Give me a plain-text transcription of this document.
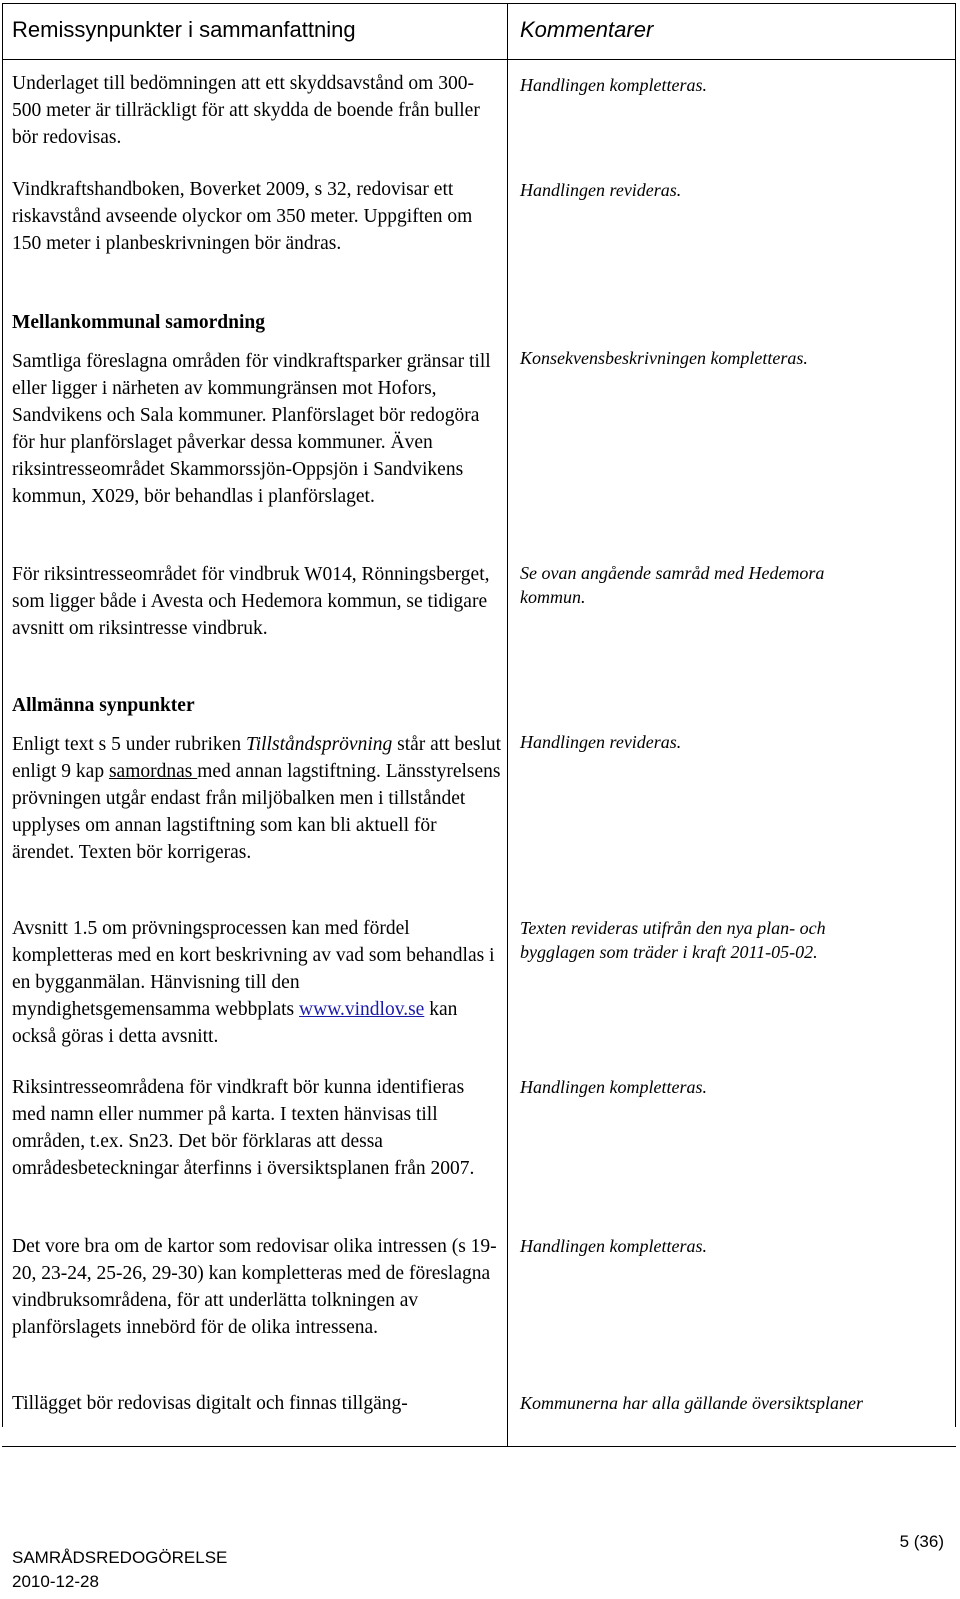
Remissynpunkter i sammanfattning	Kommentarer
Underlaget till bedömningen att ett skyddsavstånd om 300-500 meter är tillräckligt för att skydda de boende från buller bör redovisas.
Handlingen kompletteras.
Vindkraftshandboken, Boverket 2009, s 32, redovisar ett riskavstånd avseende olyckor om 350 meter. Uppgiften om 150 meter i planbeskrivningen bör ändras.
Handlingen revideras.
Mellankommunal samordning
Samtliga föreslagna områden för vindkraftsparker gränsar till eller ligger i närheten av kommungränsen mot Hofors, Sandvikens och Sala kommuner. Planförslaget bör redogöra för hur planförslaget påverkar dessa kommuner. Även riksintresseområdet Skammorssjön-Oppsjön i Sandvikens kommun, X029, bör behandlas i planförslaget.
Konsekvensbeskrivningen kompletteras.
För riksintresseområdet för vindbruk W014, Rönningsberget, som ligger både i Avesta och Hedemora kommun, se tidigare avsnitt om riksintresse vindbruk.
Se ovan angående samråd med Hedemora kommun.
Allmänna synpunkter
Enligt text s 5 under rubriken Tillståndsprövning står att beslut enligt 9 kap samordnas med annan lagstiftning. Länsstyrelsens prövningen utgår endast från miljöbalken men i tillståndet upplyses om annan lagstiftning som kan bli aktuell för ärendet. Texten bör korrigeras.
Handlingen revideras.
Avsnitt 1.5 om prövningsprocessen kan med fördel kompletteras med en kort beskrivning av vad som behandlas i en bygganmälan. Hänvisning till den myndighetsgemensamma webbplats www.vindlov.se kan också göras i detta avsnitt.
Texten revideras utifrån den nya plan- och bygglagen som träder i kraft 2011-05-02.
Riksintresseområdena för vindkraft bör kunna identifieras med namn eller nummer på karta. I texten hänvisas till områden, t.ex. Sn23. Det bör förklaras att dessa områdesbeteckningar återfinns i översiktsplanen från 2007.
Handlingen kompletteras.
Det vore bra om de kartor som redovisar olika intressen (s 19-20, 23-24, 25-26, 29-30) kan kompletteras med de föreslagna vindbruksområdena, för att underlätta tolkningen av planförslagets innebörd för de olika intressena.
Handlingen kompletteras.
Tillägget bör redovisas digitalt och finnas tillgäng-	Kommunerna har alla gällande översiktsplaner
SAMRÅDSREDOGÖRELSE
2010-12-28
5 (36)
